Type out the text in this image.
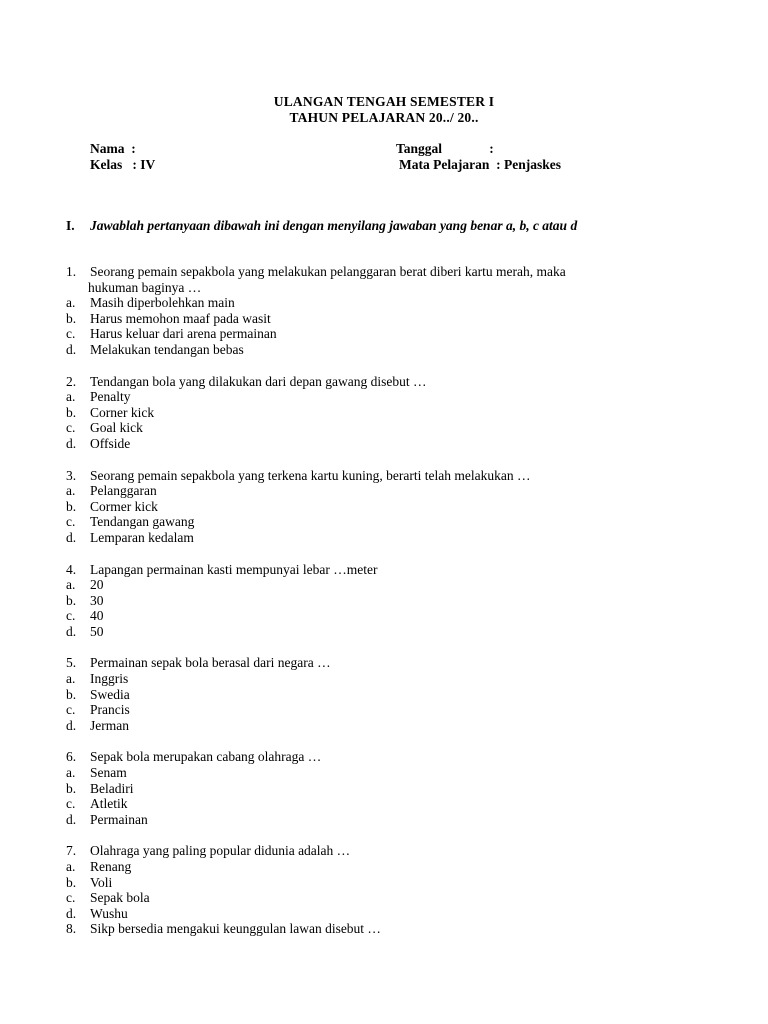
ULANGAN TENGAH SEMESTER I
TAHUN PELAJARAN 20../ 20..
Nama  :
Kelas   : IV
Tanggal              :
Mata Pelajaran  : Penjaskes
I. Jawablah pertanyaan dibawah ini dengan menyilang jawaban yang benar a, b, c atau d
1. Seorang pemain sepakbola yang melakukan pelanggaran berat diberi kartu merah, maka
hukuman baginya …
a. Masih diperbolehkan main
b. Harus memohon maaf pada wasit
c. Harus keluar dari arena permainan
d. Melakukan tendangan bebas
2. Tendangan bola yang dilakukan dari depan gawang disebut …
a. Penalty
b. Corner kick
c. Goal kick
d. Offside
3. Seorang pemain sepakbola yang terkena kartu kuning, berarti telah melakukan …
a. Pelanggaran
b. Cormer kick
c. Tendangan gawang
d. Lemparan kedalam
4. Lapangan permainan kasti mempunyai lebar …meter
a. 20
b. 30
c. 40
d. 50
5. Permainan sepak bola berasal dari negara …
a. Inggris
b. Swedia
c. Prancis
d. Jerman
6. Sepak bola merupakan cabang olahraga …
a. Senam
b. Beladiri
c. Atletik
d. Permainan
7. Olahraga yang paling popular didunia adalah …
a. Renang
b. Voli
c. Sepak bola
d. Wushu
8. Sikp bersedia mengakui keunggulan lawan disebut …
